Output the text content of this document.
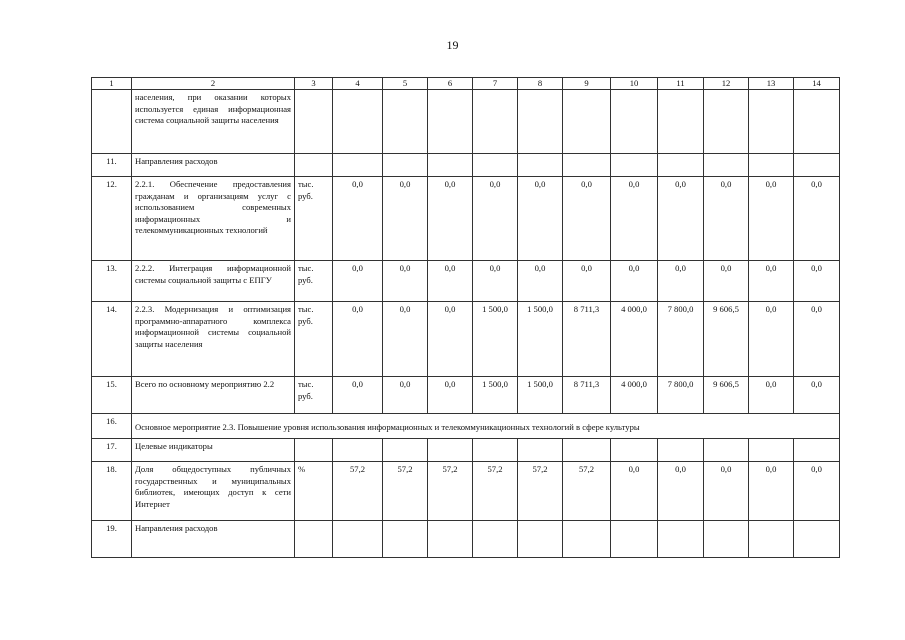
19
1	2	3	4	5	6	7	8	9	10	11	12	13	14
	населения, при оказании которых используется единая информационная система социальной защиты населения												
11.	Направления расходов												
12.	2.2.1. Обеспечение предоставления гражданам и организациям услуг с использованием современных информационных и телекоммуникационных технологий	тыс. руб.	0,0	0,0	0,0	0,0	0,0	0,0	0,0	0,0	0,0	0,0	0,0
13.	2.2.2. Интеграция информационной системы социальной защиты с ЕПГУ	тыс. руб.	0,0	0,0	0,0	0,0	0,0	0,0	0,0	0,0	0,0	0,0	0,0
14.	2.2.3. Модернизация и оптимизация программно-аппаратного комплекса информационной системы социальной защиты населения	тыс. руб.	0,0	0,0	0,0	1 500,0	1 500,0	8 711,3	4 000,0	7 800,0	9 606,5	0,0	0,0
15.	Всего по основному мероприятию 2.2	тыс. руб.	0,0	0,0	0,0	1 500,0	1 500,0	8 711,3	4 000,0	7 800,0	9 606,5	0,0	0,0
16.	Основное мероприятие 2.3. Повышение уровня использования информационных и телекоммуникационных технологий в сфере культуры												
17.	Целевые индикаторы												
18.	Доля общедоступных публичных государственных и муниципальных библиотек, имеющих доступ к сети Интернет	%	57,2	57,2	57,2	57,2	57,2	57,2	0,0	0,0	0,0	0,0	0,0
19.	Направления расходов												
